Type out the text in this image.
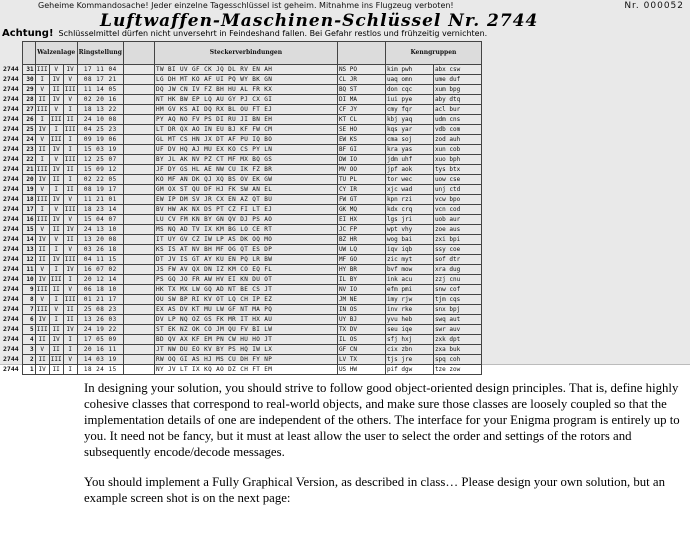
Geheime Kommandosache! Jeder einzelne Tagesschlüssel ist geheim. Mitnahme ins Flugzeug verboten!	Nr. 000052
Luftwaffen-Maschinen-Schlüssel Nr. 2744
Achtung! Schlüsselmittel dürfen nicht unversehrt in Feindeshand fallen. Bei Gefahr restlos und frühzeitig vernichten.
		Walzenlage			Ringstellung		Steckerverbindungen		Kenngruppen	
2744	31	III	V	IV	17 11 04		TW BI UV GF CK JQ DL RV EN AH	NS PO	kim pwh	abx csw
2744	30	I	IV	V	08 17 21		LG DH MT KO AF UI PQ WY BK GN	CL JR	uaq omn	ume duf
2744	29	V	II	III	11 14 05		DQ JW CN IV FZ BH HU AL FR KX	BQ ST	don cqc	xum bpg
2744	28	II	IV	V	02 20 16		NT HK BW EP LQ AU GY PJ CX GI	DI MA	iui pye	aby dtq
2744	27	III	V	I	18 13 22		HM GV KS AI DQ RX BL OU FT EJ	CF JY	cmy fqr	acl bur
2744	26	I	III	II	24 10 08		PY AQ NO FV PS DI RU JI BN EH	KT CL	kbj yaq	udm cns
2744	25	IV	I	III	04 25 23		LT DR QX AO IN EU BJ KF FW CM	SE HO	kqs yar	vdb com
2744	24	V	III	I	09 19 06		GL MT CS HN JX DT AF PU IQ BO	EW KS	cma soj	zod auh
2744	23	II	IV	I	15 03 19		UF DV HQ AJ MU EX KO CS PY LN	BF GI	kra yas	xun cob
2744	22	I	V	III	12 25 07		BY JL AK NV PZ CT MF MX BQ GS	DW IO	jdm uhf	xuo bph
2744	21	III	IV	II	15 09 12		JF DY GS HL AE NW CU IK FZ BR	MV OO	jpf aok	tys btx
2744	20	IV	II	I	02 22 05		KO MF AN DK QJ XQ BS OV EK GW	TU PL	tor wec	uow cse
2744	19	V	I	II	08 19 17		GM OX ST QU DF HJ FK SW AN EL	CY IR	xjc wad	unj ctd
2744	18	III	IV	V	11 21 01		EW IP DM SV JR CX EN AZ QT BU	FW GT	kpn rzi	vcw bpo
2744	17	I	V	III	18 23 14		BV HW AK NX DS PT CZ FI LT EJ	GK MQ	kdx crq	vcn cod
2744	16	III	IV	V	15 04 07		LU CV FM KN BY GN QV DJ PS AO	EI HX	lgs jri	uob aur
2744	15	V	II	IV	24 13 10		MS NQ AD TV IX KM BG LO CE RT	JC FP	wpt vhy	zoe aus
2744	14	IV	V	II	13 20 08		IT UY GV CZ IW LP AS DK OQ MO	BZ HR	wog bai	zxi bpi
2744	13	II	I	V	03 26 18		KS IS AT NV BH MF OG QT ES DP	UW LQ	iqv iqb	ssy coe
2744	12	II	IV	III	04 11 15		DT JV IS GT AY KU EN PQ LR BW	MF GO	zic myt	sof dtr
2744	11	V	I	IV	16 07 02		JS FW AV QX DN IZ KM CO EQ FL	HY BR	bvf mow	xra dug
2744	10	IV	III	I	20 12 14		PS GQ JO FR AW HV EI KN DU OT	IL BY	ink acu	zzj cnu
2744	9	III	II	V	06 18 10		HK TX MX LW GQ AD NT BE CS JT	NV IO	efm pmi	snw cof
2744	8	V	I	III	01 21 17		OU SW BP RI KV OT LQ CH IP EZ	JM NE	imy rjw	tjm cqs
2744	7	III	V	II	25 08 23		EX AS DV KT MU LW GF NT MA PQ	IN OS	inv rke	snx bpj
2744	6	IV	I	II	13 26 03		DV LP NQ OZ GS FK MR IT HX AU	UY BJ	yvu heb	swq aut
2744	5	III	II	IV	24 19 22		ST EK NZ OK CO JM QU FV BI LW	TX DV	seu iqe	swr auv
2744	4	II	IV	I	17 05 09		BD QV AX KF EM PN CW HU HO JT	IL OS	sfj hxj	zxk dpt
2744	3	V	II	I	20 16 11		JT NW DU EO KV BY PS HQ IW LX	GF CN	cix zbn	zxa buk
2744	2	II	III	V	14 03 19		RW OQ GI AS HJ MS CU DH FY NP	LV TX	tjs jre	spq coh
2744	1	IV	II	I	18 24 15		NY JV LT IX KQ AO DZ CH FT EM	US HW	pif dgw	tze zow

In designing your solution, you should strive to follow good object-oriented design principles. That is, define highly cohesive classes that correspond to real-world objects, and make sure those classes are loosely coupled so that the implementation details of one are independent of the others. The interface for your Enigma program is entirely up to you. It need not be fancy, but it must at least allow the user to select the order and settings of the rotors and subsequently encode/decode messages.

You should implement a Fully Graphical Version, as described in class… Please design your own solution, but an example screen shot is on the next page:
